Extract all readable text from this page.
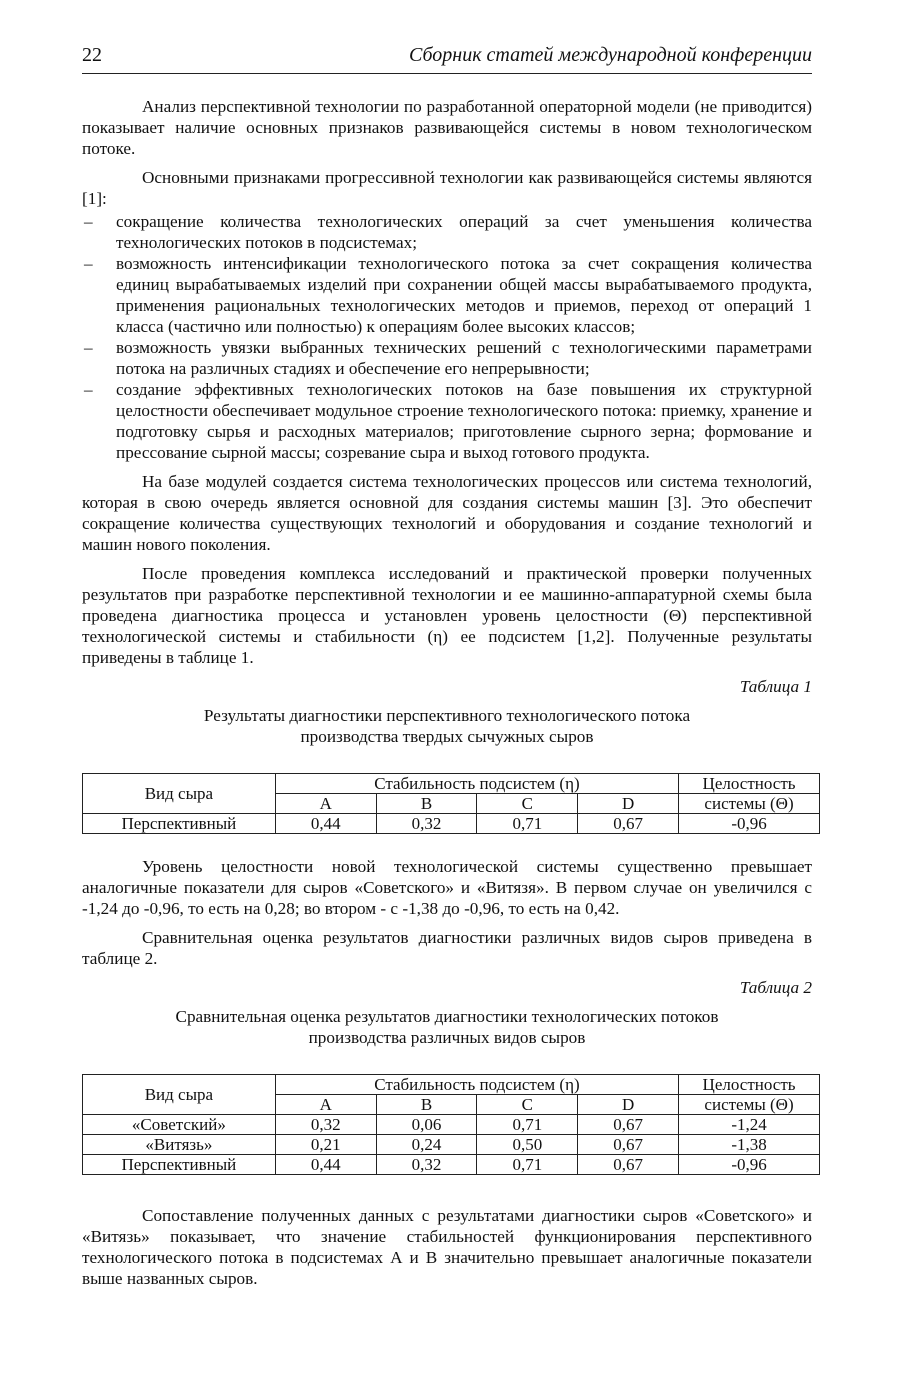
22	Сборник статей международной конференции

Анализ перспективной технологии по разработанной операторной модели (не приводится) показывает наличие основных признаков развивающейся системы в новом технологическом потоке.

Основными признаками прогрессивной технологии как развивающейся системы являются [1]:

– сокращение количества технологических операций за счет уменьшения количества технологических потоков в подсистемах;
– возможность интенсификации технологического потока за счет сокращения количества единиц вырабатываемых изделий при сохранении общей массы вырабатываемого продукта, применения рациональных технологических методов и приемов, переход от операций 1 класса (частично или полностью) к операциям более высоких классов;
– возможность увязки выбранных технических решений с технологическими параметрами потока на различных стадиях и обеспечение его непрерывности;
– создание эффективных технологических потоков на базе повышения их структурной целостности обеспечивает модульное строение технологического потока: приемку, хранение и подготовку сырья и расходных материалов; приготовление сырного зерна; формование и прессование сырной массы; созревание сыра и выход готового продукта.

На базе модулей создается система технологических процессов или система технологий, которая в свою очередь является основной для создания системы машин [3]. Это обеспечит сокращение количества существующих технологий и оборудования и создание технологий и машин нового поколения.

После проведения комплекса исследований и практической проверки полученных результатов при разработке перспективной технологии и ее машинно-аппаратурной схемы была проведена диагностика процесса и установлен уровень целостности (Θ) перспективной технологической системы и стабильности (η) ее подсистем [1,2]. Полученные результаты приведены в таблице 1.

Таблица 1
Результаты диагностики перспективного технологического потока
производства твердых сычужных сыров
Вид сыра	Стабильность подсистем (η)				Целостность
	А	В	С	D	системы (Θ)
Перспективный	0,44	0,32	0,71	0,67	-0,96

Уровень целостности новой технологической системы существенно превышает аналогичные показатели для сыров «Советского» и «Витязя». В первом случае он увеличился с -1,24 до -0,96, то есть на 0,28; во втором - с -1,38 до -0,96, то есть на 0,42.

Сравнительная оценка результатов диагностики различных видов сыров приведена в таблице 2.

Таблица 2
Сравнительная оценка результатов диагностики технологических потоков
производства различных видов сыров
Вид сыра	Стабильность подсистем (η)				Целостность
	А	В	С	D	системы (Θ)
«Советский»	0,32	0,06	0,71	0,67	-1,24
«Витязь»	0,21	0,24	0,50	0,67	-1,38
Перспективный	0,44	0,32	0,71	0,67	-0,96

Сопоставление полученных данных с результатами диагностики сыров «Советского» и «Витязь» показывает, что значение стабильностей функционирования перспективного технологического потока в подсистемах А и В значительно превышает аналогичные показатели выше названных сыров.
